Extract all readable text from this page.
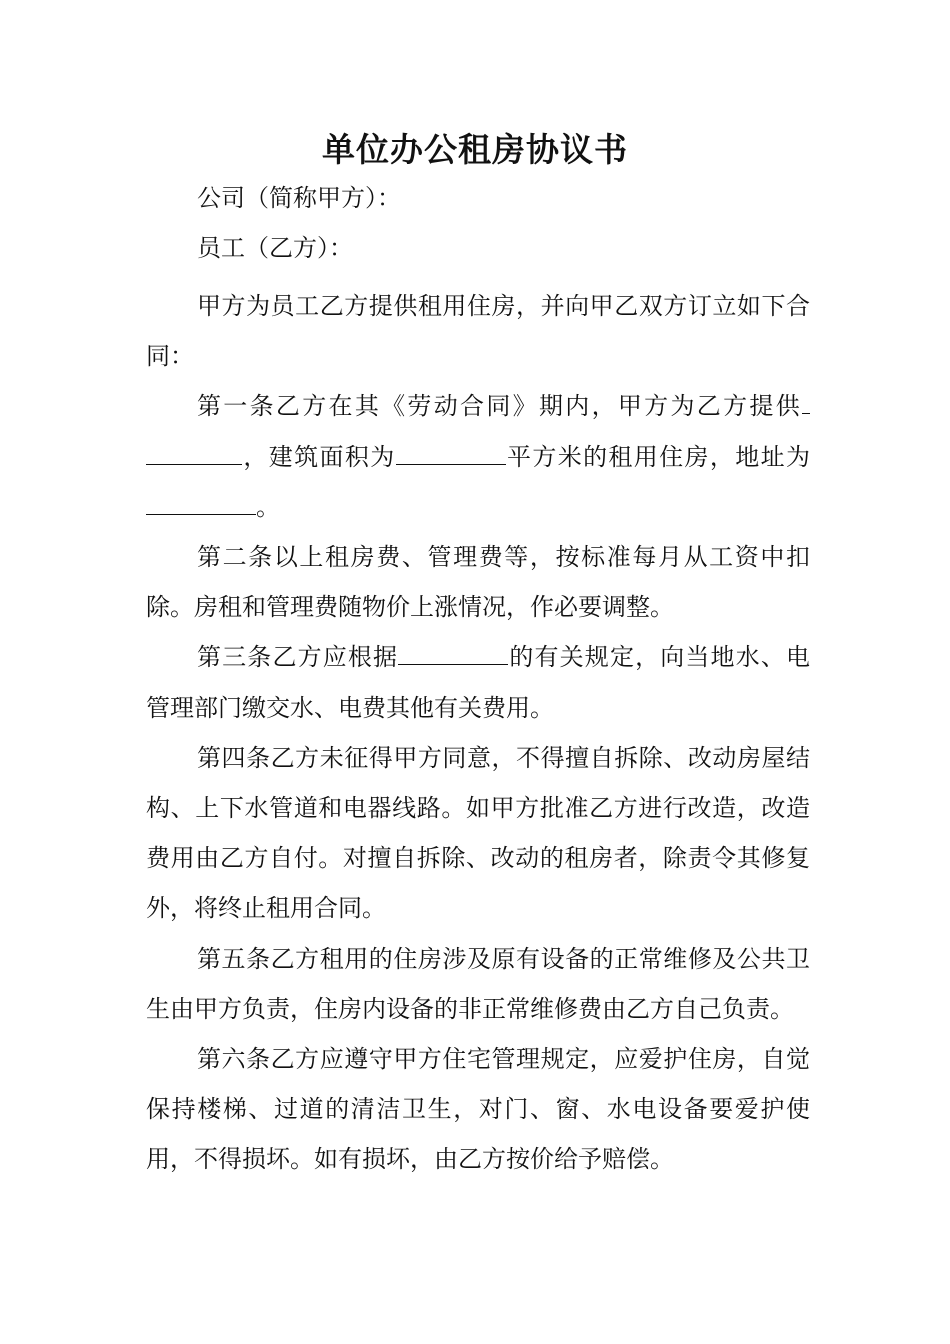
单位办公租房协议书

公司（简称甲方）：

员工（乙方）：

甲方为员工乙方提供租用住房，并向甲乙双方订立如下合同：

第一条乙方在其《劳动合同》期内，甲方为乙方提供，建筑面积为	平方米的租用住房，地址为。

第二条以上租房费、管理费等，按标准每月从工资中扣除。房租和管理费随物价上涨情况，作必要调整。

第三条乙方应根据	的有关规定，向当地水、电管理部门缴交水、电费其他有关费用。

第四条乙方未征得甲方同意，不得擅自拆除、改动房屋结构、上下水管道和电器线路。如甲方批准乙方进行改造，改造费用由乙方自付。对擅自拆除、改动的租房者，除责令其修复外，将终止租用合同。

第五条乙方租用的住房涉及原有设备的正常维修及公共卫生由甲方负责，住房内设备的非正常维修费由乙方自己负责。

第六条乙方应遵守甲方住宅管理规定，应爱护住房，自觉保持楼梯、过道的清洁卫生，对门、窗、水电设备要爱护使用，不得损坏。如有损坏，由乙方按价给予赔偿。
